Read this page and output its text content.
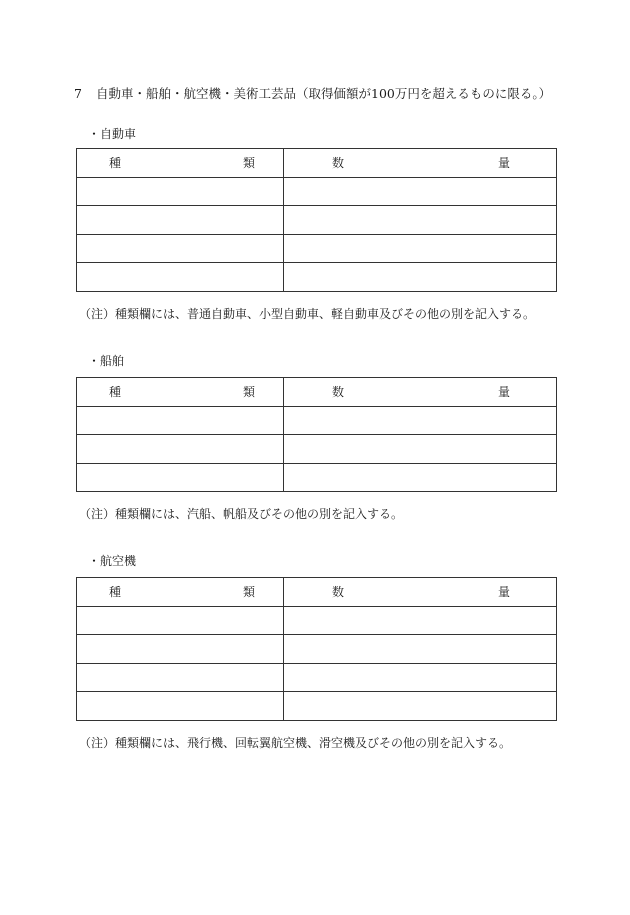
7 自動車・船舶・航空機・美術工芸品（取得価額が100万円を超えるものに限る。）
・自動車
種 類	数 量

（注）種類欄には、普通自動車、小型自動車、軽自動車及びその他の別を記入する。
・船舶
種 類	数 量

（注）種類欄には、汽船、帆船及びその他の別を記入する。
・航空機
種 類	数 量

（注）種類欄には、飛行機、回転翼航空機、滑空機及びその他の別を記入する。
